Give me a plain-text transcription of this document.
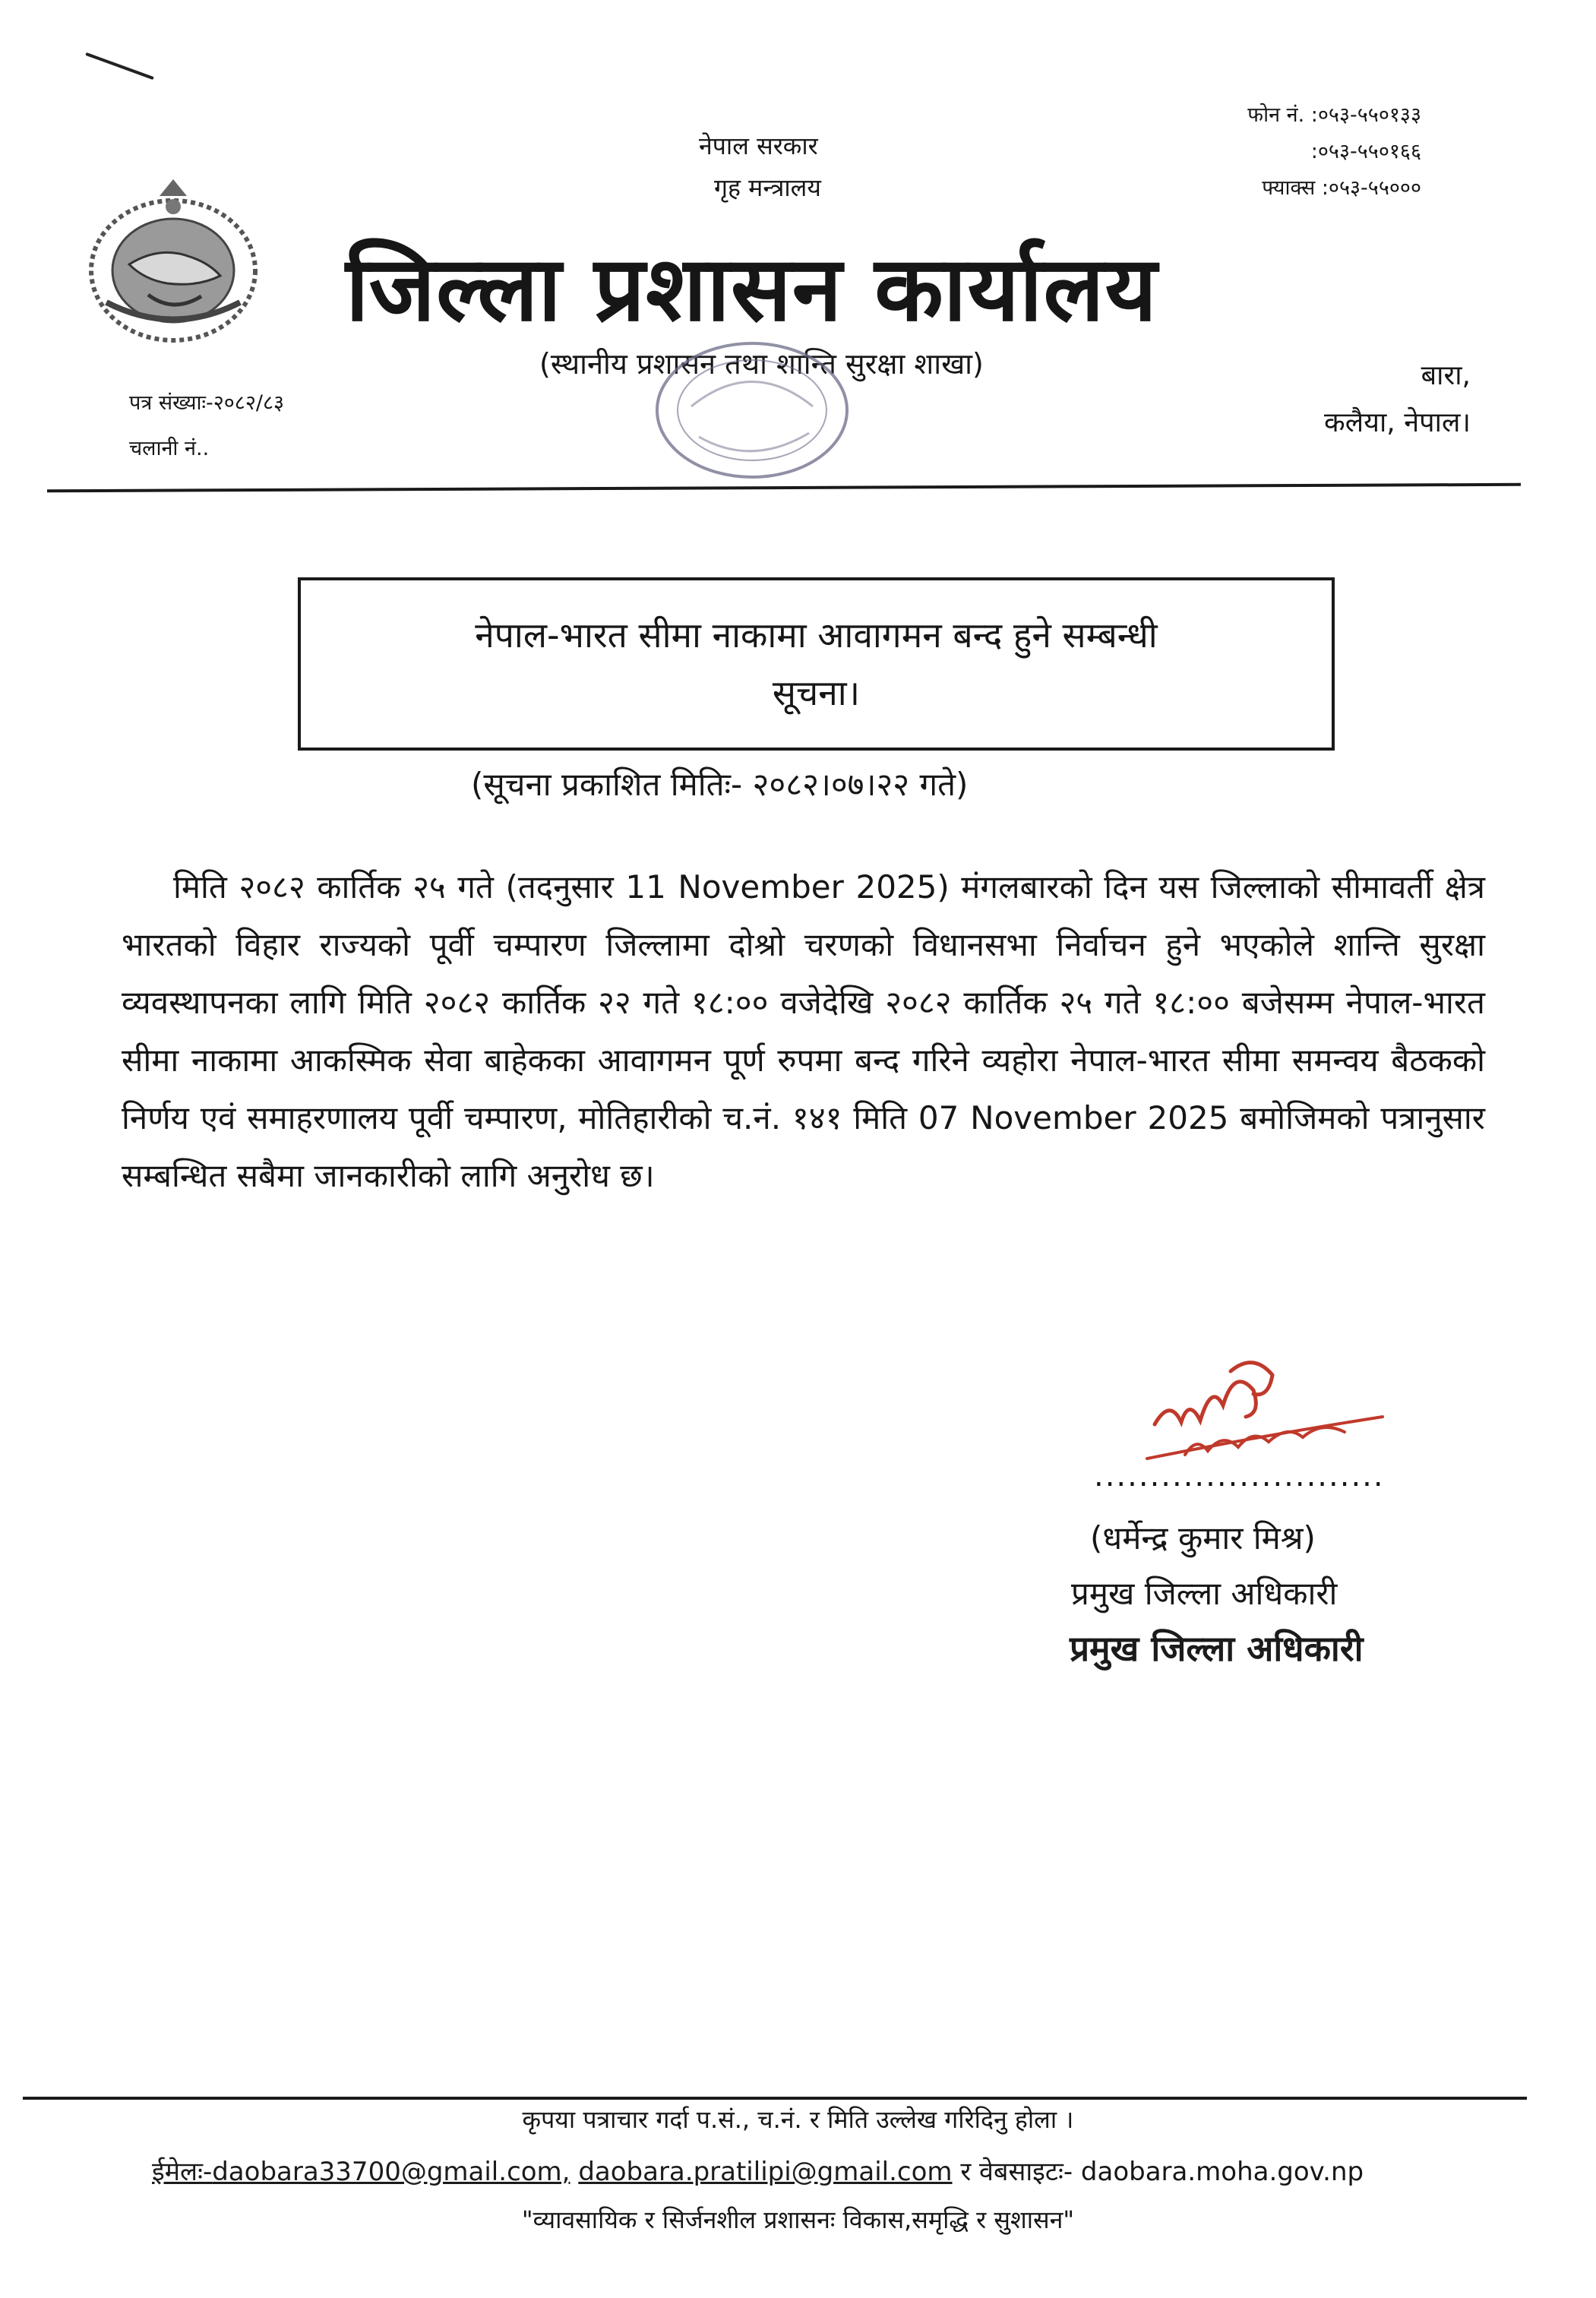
नेपाल सरकार
गृह मन्त्रालय
जिल्ला प्रशासन कार्यालय
(स्थानीय प्रशासन तथा शान्ति सुरक्षा शाखा)
फोन नं. :०५३-५५०१३३
:०५३-५५०१६६
फ्याक्स :०५३-५५०००
पत्र संख्याः-२०८२/८३
चलानी नं..
बारा,
कलैया, नेपाल।
नेपाल-भारत सीमा नाकामा आवागमन बन्द हुने सम्बन्धी
सूचना।
(सूचना प्रकाशित मितिः- २०८२।०७।२२ गते)
मिति २०८२ कार्तिक २५ गते (तदनुसार 11 November 2025) मंगलबारको दिन यस जिल्लाको सीमावर्ती क्षेत्र भारतको विहार राज्यको पूर्वी चम्पारण जिल्लामा दोश्रो चरणको विधानसभा निर्वाचन हुने भएकोले शान्ति सुरक्षा व्यवस्थापनका लागि मिति २०८२ कार्तिक २२ गते १८:०० वजेदेखि २०८२ कार्तिक २५ गते १८:०० बजेसम्म नेपाल-भारत सीमा नाकामा आकस्मिक सेवा बाहेकका आवागमन पूर्ण रुपमा बन्द गरिने व्यहोरा नेपाल-भारत सीमा समन्वय बैठकको निर्णय एवं समाहरणालय पूर्वी चम्पारण, मोतिहारीको च.नं. १४१ मिति 07 November 2025 बमोजिमको पत्रानुसार सम्बन्धित सबैमा जानकारीको लागि अनुरोध छ।
..........................
(धर्मेन्द्र कुमार मिश्र)
प्रमुख जिल्ला अधिकारी
प्रमुख जिल्ला अधिकारी
कृपया पत्राचार गर्दा प.सं., च.नं. र मिति उल्लेख गरिदिनु होला ।
ईमेलः-daobara33700@gmail.com, daobara.pratilipi@gmail.com र वेबसाइटः- daobara.moha.gov.np
"व्यावसायिक र सिर्जनशील प्रशासनः विकास,समृद्धि र सुशासन"
